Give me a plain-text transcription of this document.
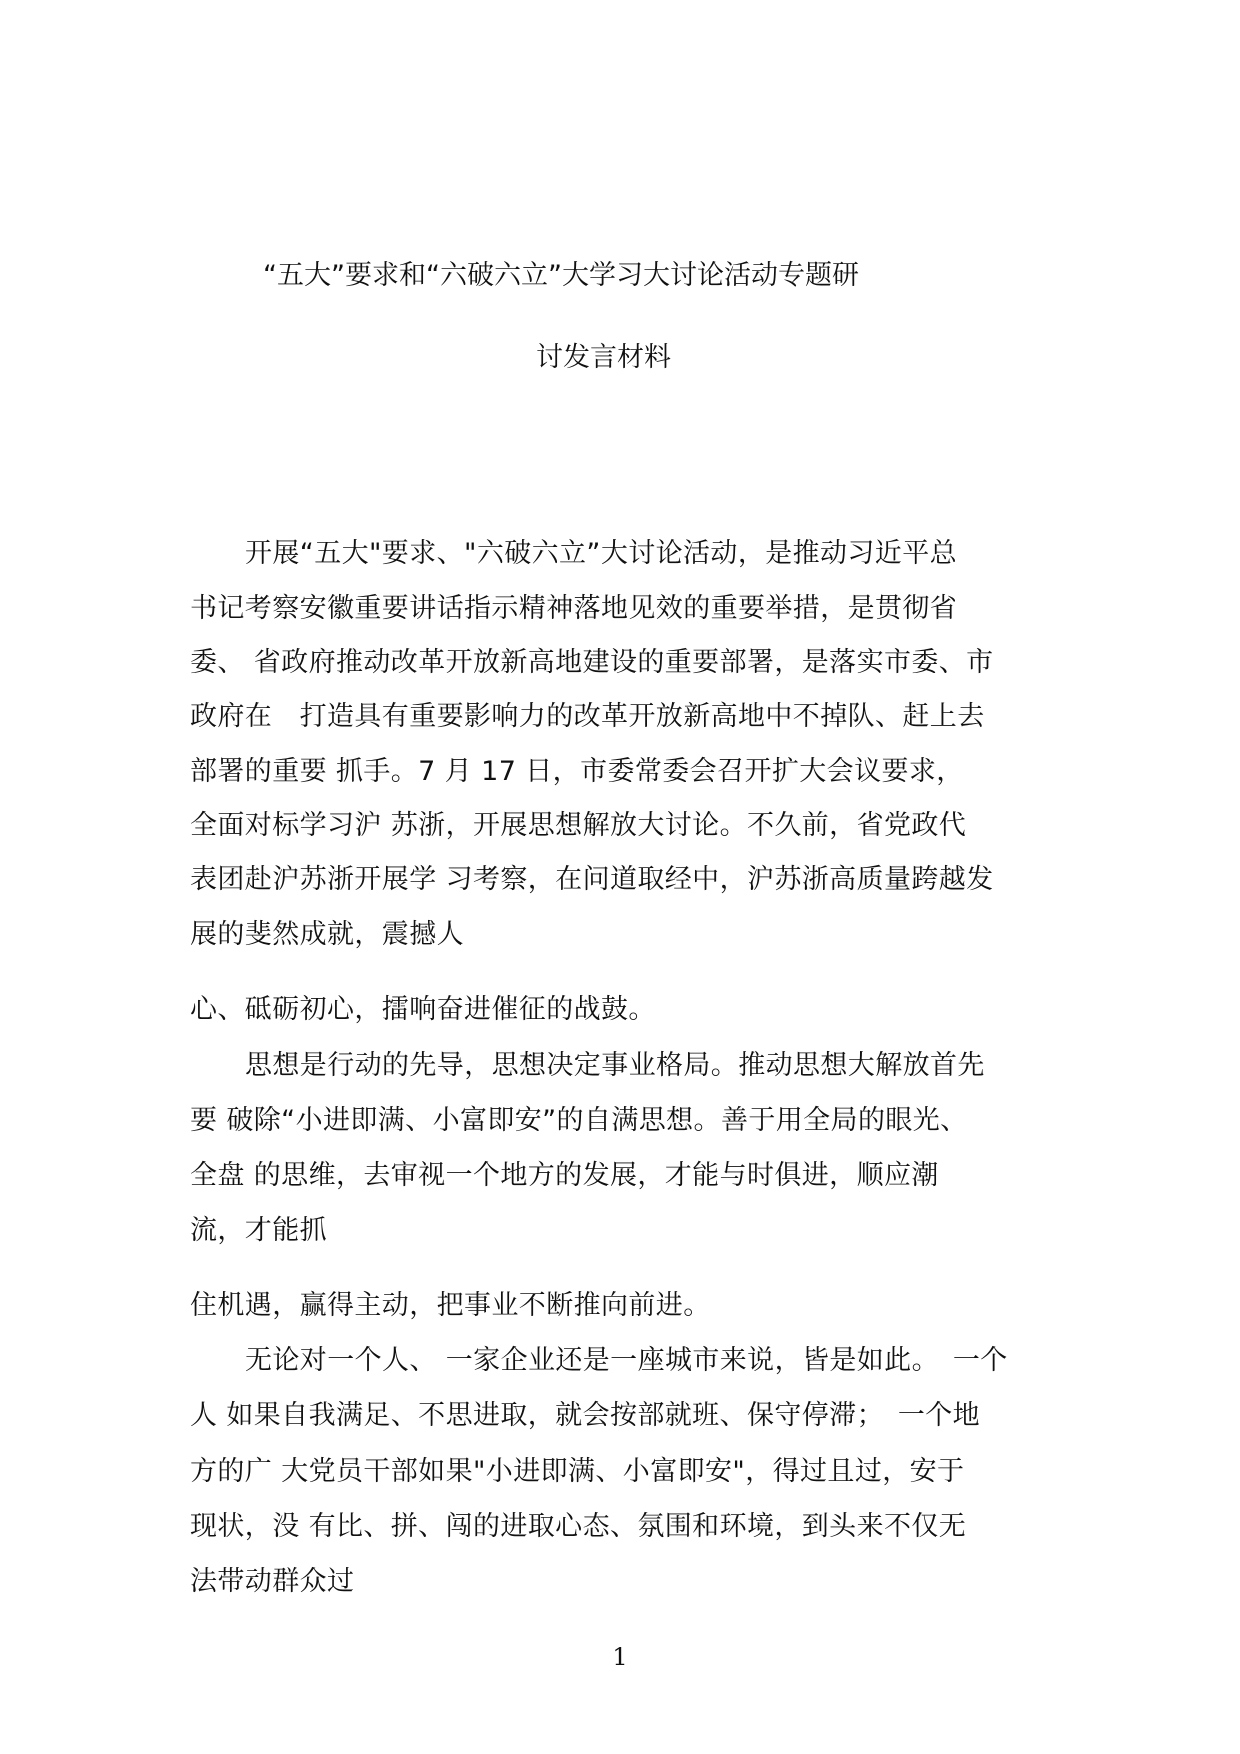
“五大”要求和“六破六立”大学习大讨论活动专题研
讨发言材料
开展“五大"要求、"六破六立”大讨论活动，是推动习近平总
书记考察安徽重要讲话指示精神落地见效的重要举措，是贯彻省
委、 省政府推动改革开放新高地建设的重要部署，是落实市委、市
政府在　打造具有重要影响力的改革开放新高地中不掉队、赶上去
部署的重要 抓手。7 月 17 日，市委常委会召开扩大会议要求，
全面对标学习沪 苏浙，开展思想解放大讨论。不久前，省党政代
表团赴沪苏浙开展学 习考察，在问道取经中，沪苏浙高质量跨越发
展的斐然成就，震撼人
心、砥砺初心，擂响奋进催征的战鼓。
思想是行动的先导，思想决定事业格局。推动思想大解放首先
要 破除“小进即满、小富即安”的自满思想。善于用全局的眼光、
全盘 的思维，去审视一个地方的发展，才能与时俱进，顺应潮
流，才能抓
住机遇，赢得主动，把事业不断推向前进。
无论对一个人、 一家企业还是一座城市来说，皆是如此。　一个
人 如果自我满足、不思进取，就会按部就班、保守停滞；　一个地
方的广 大党员干部如果"小进即满、小富即安"，得过且过，安于
现状，没 有比、拼、闯的进取心态、氛围和环境，到头来不仅无
法带动群众过
1
